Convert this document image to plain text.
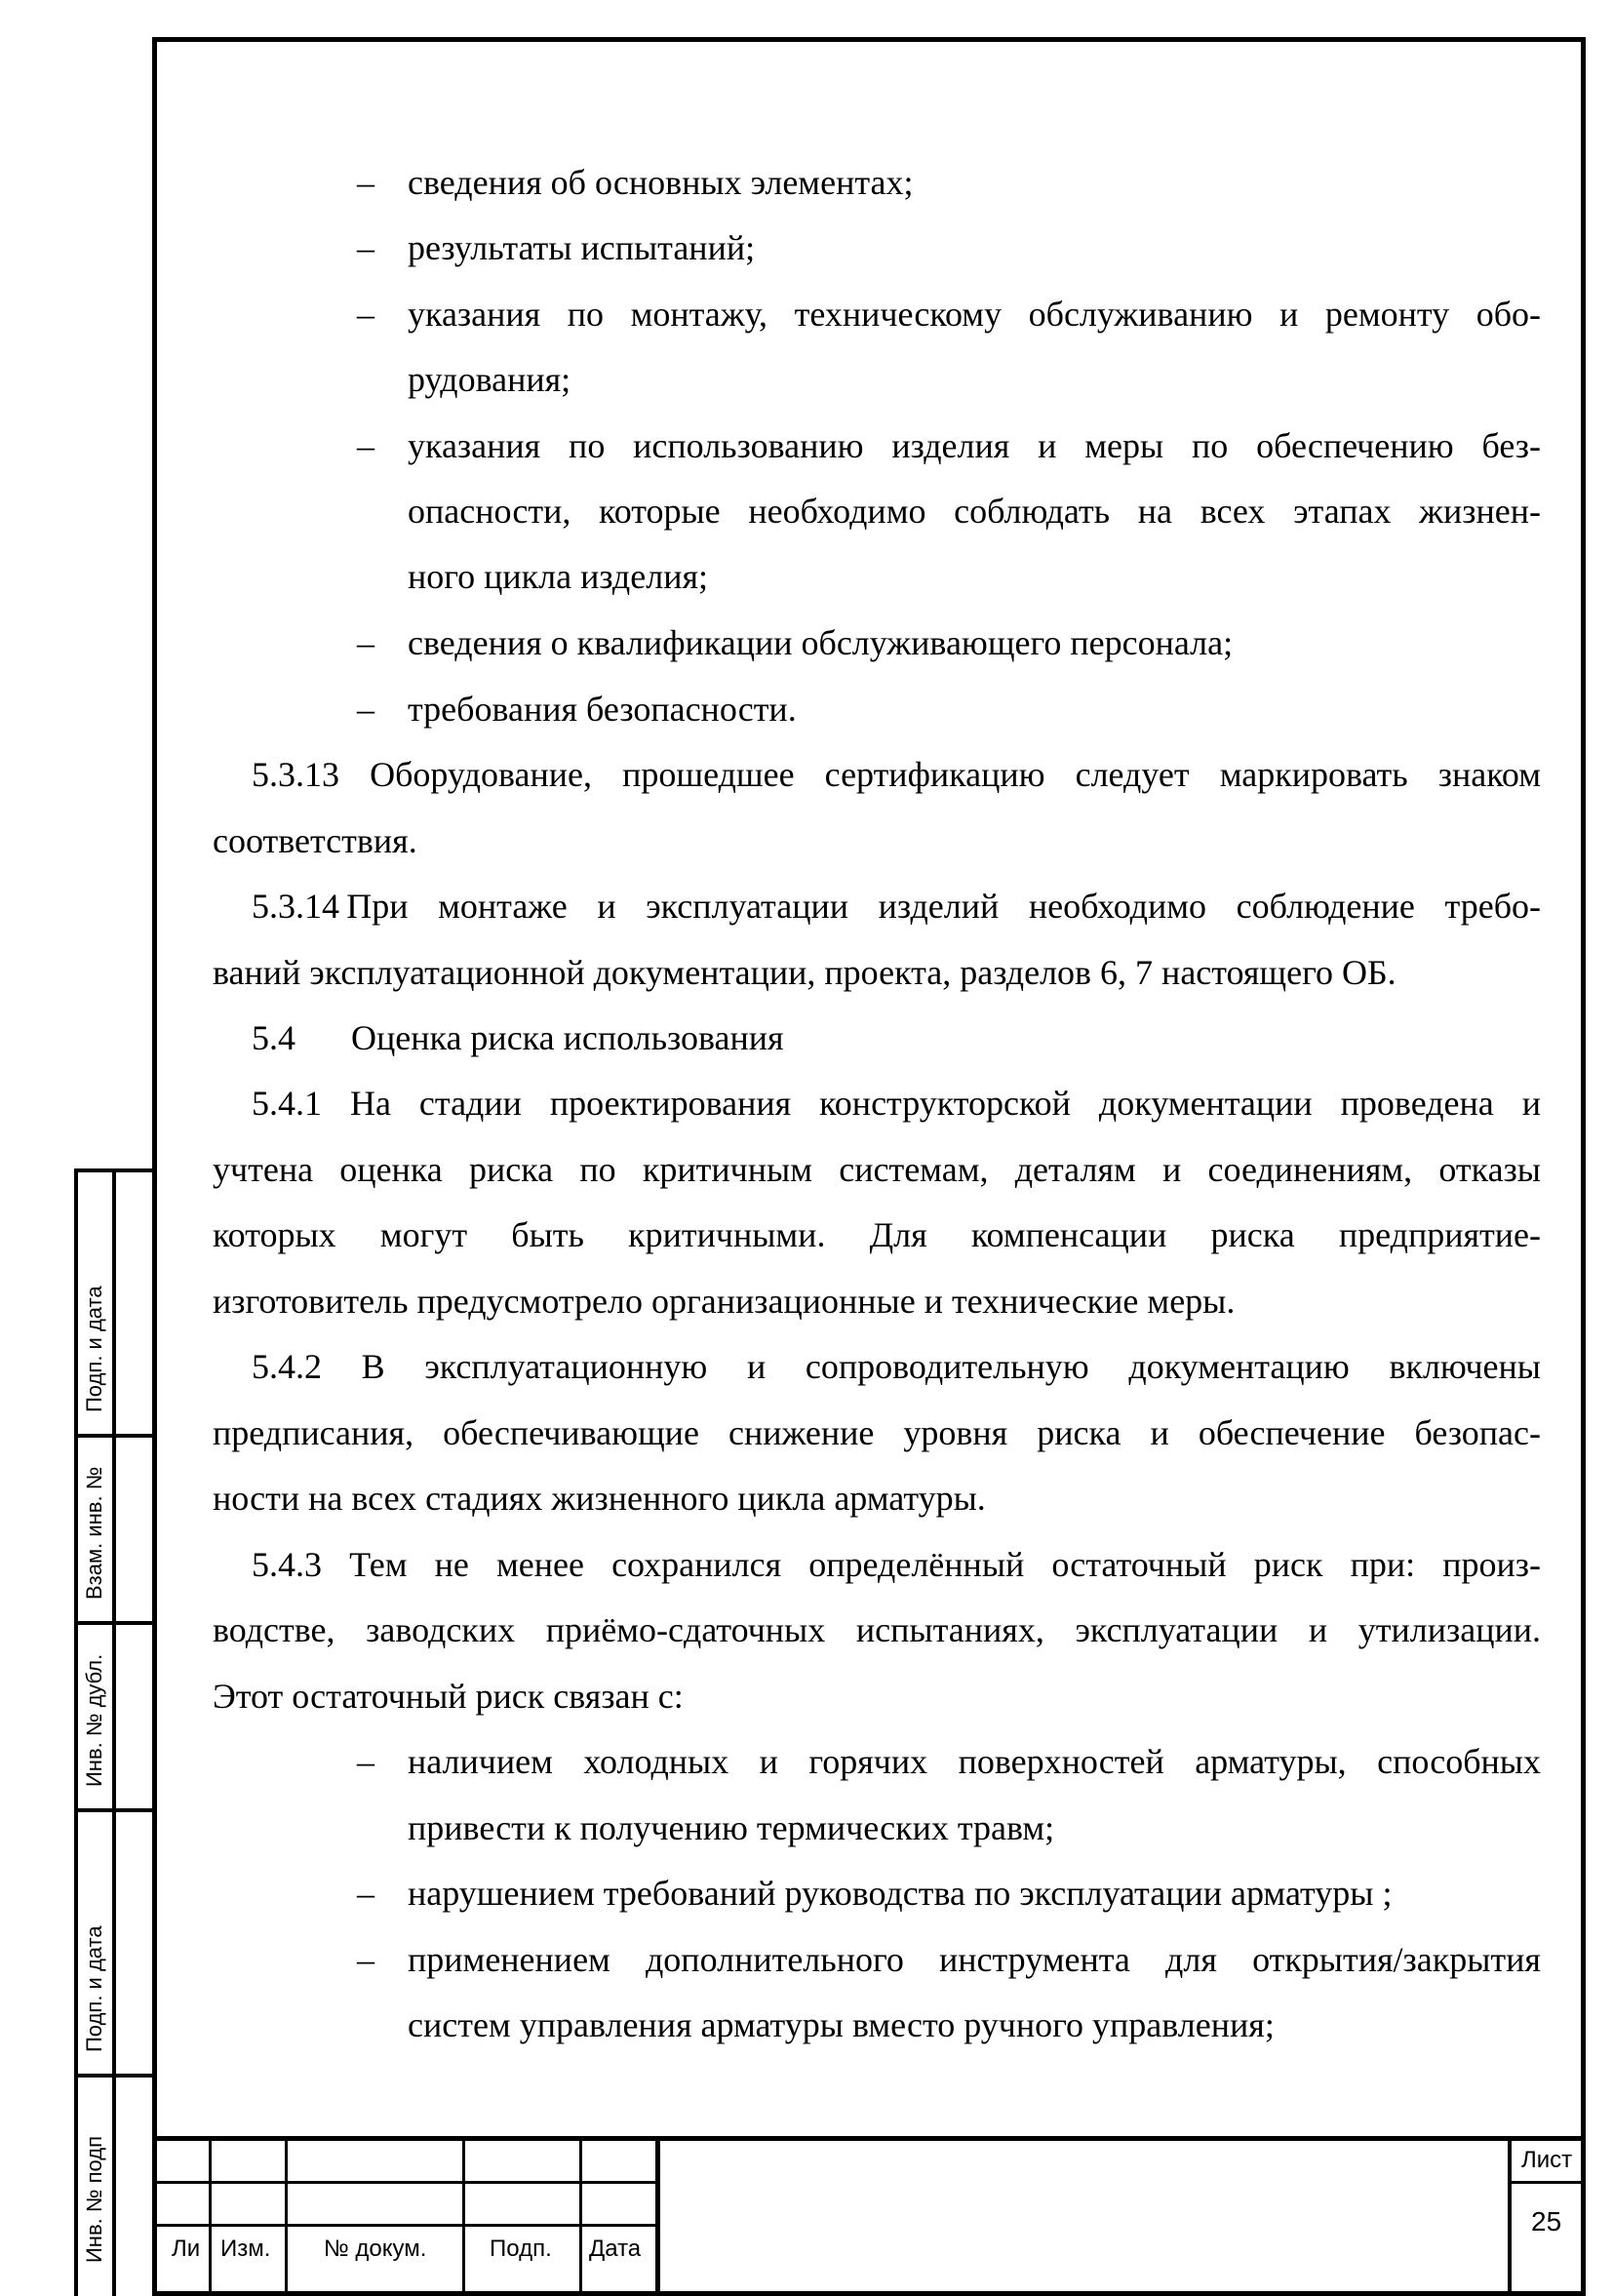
Подп. и дата
Взам. инв. №
Инв. № дубл.
Подп. и дата
Инв. № подп
– сведения об основных элементах;
– результаты испытаний;
– указания по монтажу, техническому обслуживанию и ремонту обо-
рудования;
– указания по использованию изделия и меры по обеспечению без-
опасности, которые необходимо соблюдать на всех этапах жизнен-
ного цикла изделия;
– сведения о квалификации обслуживающего персонала;
– требования безопасности.
5.3.13 Оборудование, прошедшее сертификацию следует маркировать знаком
соответствия.
5.3.14 При монтаже и эксплуатации изделий необходимо соблюдение требо-
ваний эксплуатационной документации, проекта, разделов 6, 7 настоящего ОБ.
5.4 Оценка риска использования
5.4.1 На стадии проектирования конструкторской документации проведена и
учтена оценка риска по критичным системам, деталям и соединениям, отказы
которых могут быть критичными. Для компенсации риска предприятие-
изготовитель предусмотрело организационные и технические меры.
5.4.2 В эксплуатационную и сопроводительную документацию включены
предписания, обеспечивающие снижение уровня риска и обеспечение безопас-
ности на всех стадиях жизненного цикла арматуры.
5.4.3 Тем не менее сохранился определённый остаточный риск при: произ-
водстве, заводских приёмо-сдаточных испытаниях, эксплуатации и утилизации.
Этот остаточный риск связан с:
– наличием холодных и горячих поверхностей арматуры, способных
привести к получению термических травм;
– нарушением требований руководства по эксплуатации арматуры ;
– применением дополнительного инструмента для открытия/закрытия
систем управления арматуры вместо ручного управления;
Ли Изм. № докум.	Подп. Дата
Лист
25
